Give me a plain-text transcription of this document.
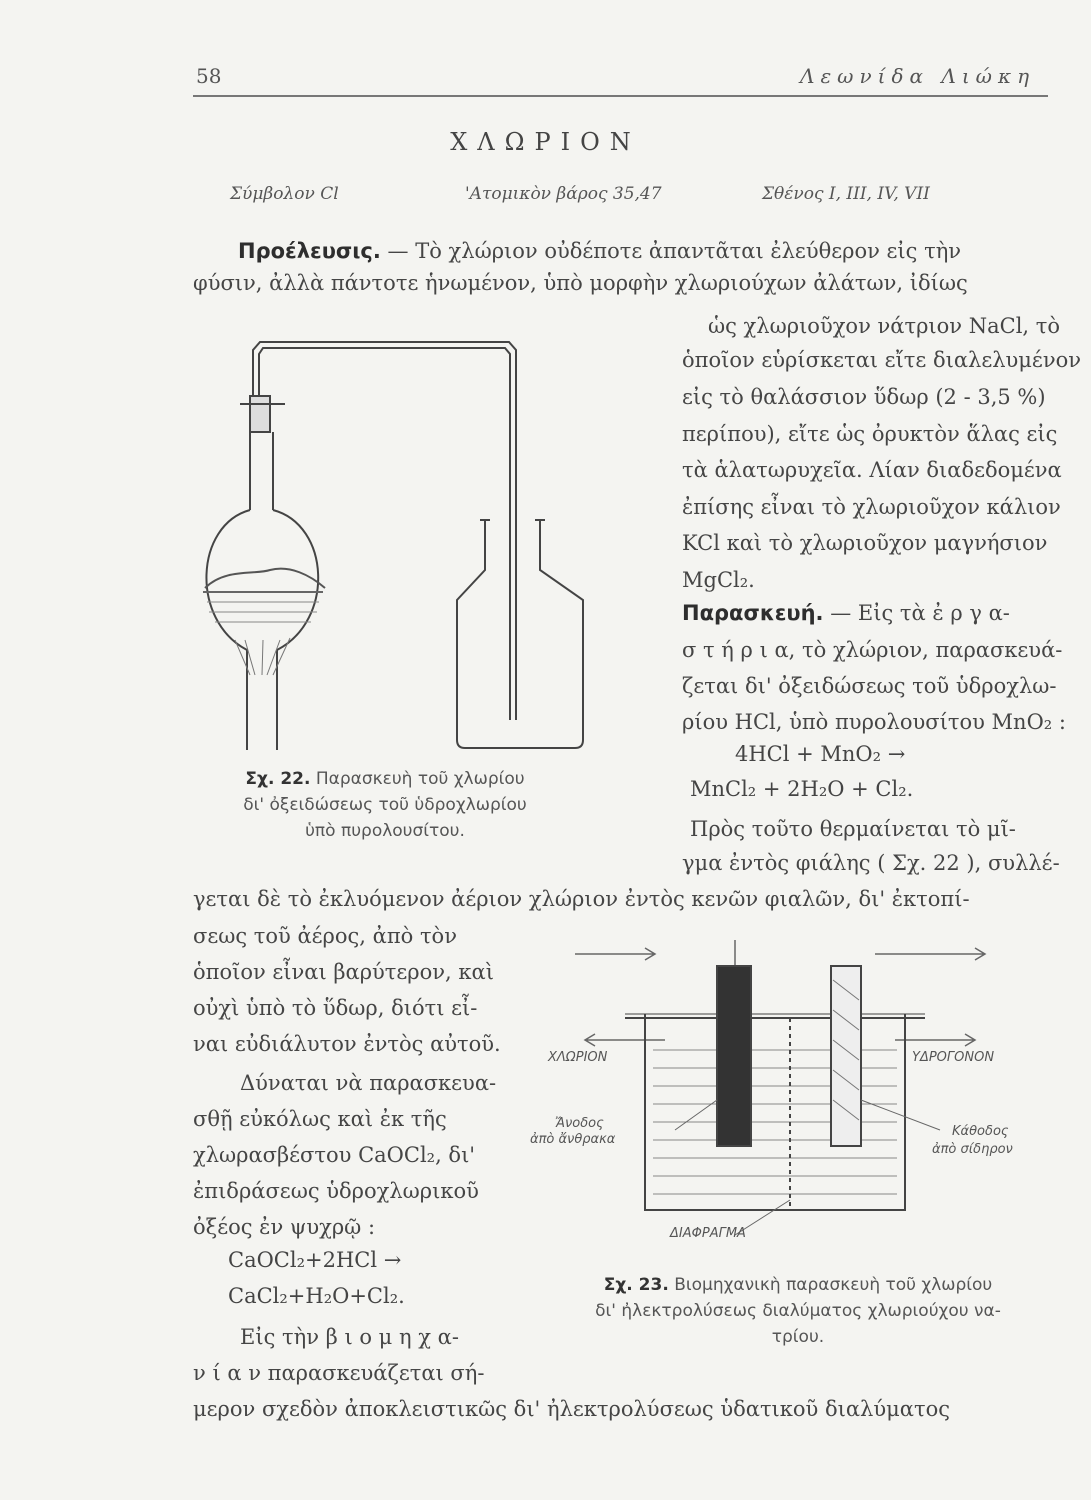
58	Λεωνίδα Λιώκη
ΧΛΩΡΙΟΝ
Σύμβολον Cl	'Ατομικὸν βάρος 35,47	Σθένος I, III, IV, VII
Προέλευσις. — Τὸ χλώριον οὐδέποτε ἀπαντᾶται ἐλεύθερον εἰς τὴν
φύσιν, ἀλλὰ πάντοτε ἡνωμένον, ὑπὸ μορφὴν χλωριούχων ἀλάτων, ἰδίως
ὡς χλωριοῦχον νάτριον NaCl, τὸ
ὁποῖον εὑρίσκεται εἴτε διαλελυμένον
εἰς τὸ θαλάσσιον ὕδωρ (2 - 3,5 %)
περίπου), εἴτε ὡς ὀρυκτὸν ἅλας εἰς
τὰ ἁλατωρυχεῖα. Λίαν διαδεδομένα
ἐπίσης εἶναι τὸ χλωριοῦχον κάλιον
KCl καὶ τὸ χλωριοῦχον μαγνήσιον
MgCl₂.
Παρασκευή. — Εἰς τὰ ἐ ρ γ α-
σ τ ή ρ ι α, τὸ χλώριον, παρασκευά-
ζεται δι' ὀξειδώσεως τοῦ ὑδροχλω-
ρίου HCl, ὑπὸ πυρολουσίτου MnO₂ :
4HCl + MnO₂ →
MnCl₂ + 2H₂O + Cl₂.
Πρὸς τοῦτο θερμαίνεται τὸ μῖ-
γμα ἐντὸς φιάλης ( Σχ. 22 ), συλλέ-
γεται δὲ τὸ ἐκλυόμενον ἀέριον χλώριον ἐντὸς κενῶν φιαλῶν, δι' ἐκτοπί-
σεως τοῦ ἀέρος, ἀπὸ τὸν
ὁποῖον εἶναι βαρύτερον, καὶ
οὐχὶ ὑπὸ τὸ ὕδωρ, διότι εἶ-
ναι εὐδιάλυτον ἐντὸς αὐτοῦ.
Δύναται νὰ παρασκευα-
σθῇ εὐκόλως καὶ ἐκ τῆς
χλωρασβέστου CaOCl₂, δι'
ἐπιδράσεως ὑδροχλωρικοῦ
ὀξέος ἐν ψυχρῷ :
CaOCl₂+2HCl →
CaCl₂+H₂O+Cl₂.
Εἰς τὴν β ι ο μ η χ α-
ν ί α ν παρασκευάζεται σή-
μερον σχεδὸν ἀποκλειστικῶς δι' ἠλεκτρολύσεως ὑδατικοῦ διαλύματος
Σχ. 22. Παρασκευὴ τοῦ χλωρίου
δι' ὀξειδώσεως τοῦ ὑδροχλωρίου
ὑπὸ πυρολουσίτου.
ΧΛΩΡΙΟΝ	ΥΔΡΟΓΟΝΟΝ
Ἄνοδος
ἀπὸ ἄνθρακα
Κάθοδος
ἀπὸ σίδηρον
ΔΙΑΦΡΑΓΜΑ
Σχ. 23. Βιομηχανικὴ παρασκευὴ τοῦ χλωρίου
δι' ἠλεκτρολύσεως διαλύματος χλωριούχου να-
τρίου.
